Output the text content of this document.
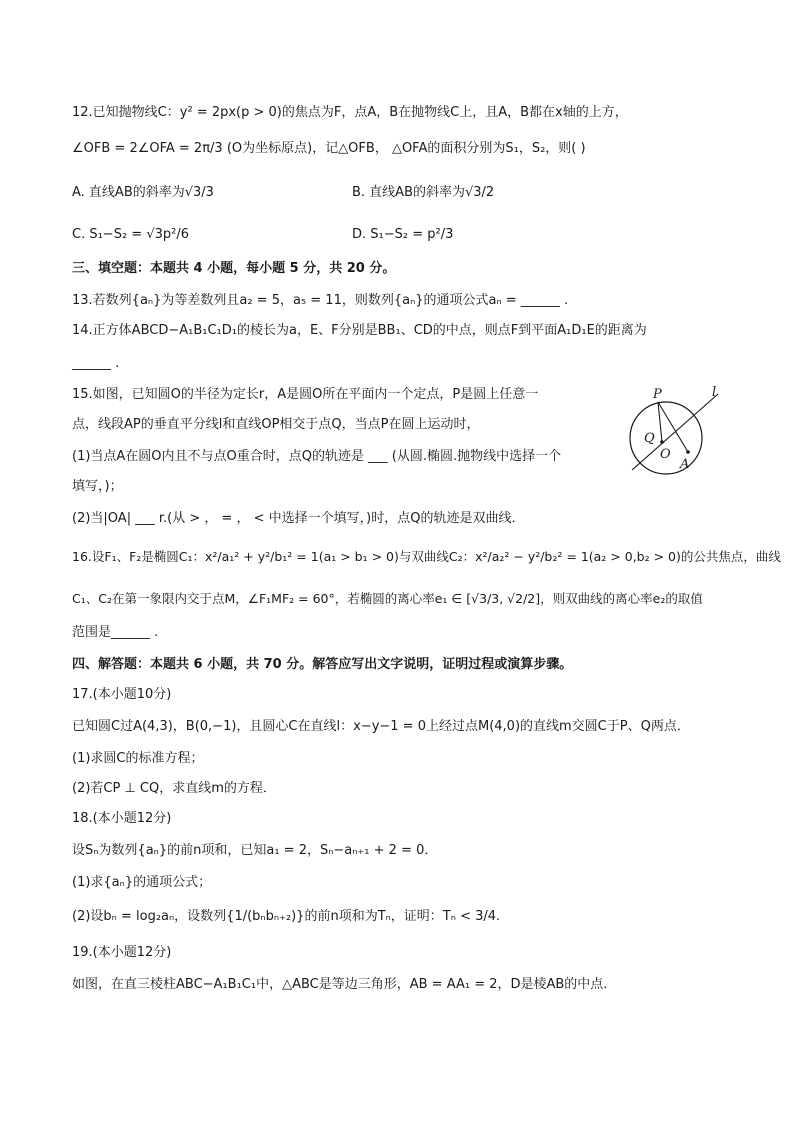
12.已知抛物线C：y² = 2px(p > 0)的焦点为F，点A，B在抛物线C上，且A，B都在x轴的上方，
∠OFB = 2∠OFA = 2π/3 (O为坐标原点)，记△OFB， △OFA的面积分别为S₁，S₂，则( )
A. 直线AB的斜率为√3/3	B. 直线AB的斜率为√3/2
C. S₁−S₂ = √3p²/6	D. S₁−S₂ = p²/3
三、填空题：本题共 4 小题，每小题 5 分，共 20 分。
13.若数列{aₙ}为等差数列且a₂ = 5，a₅ = 11，则数列{aₙ}的通项公式aₙ = ______ .
14.正方体ABCD−A₁B₁C₁D₁的棱长为a，E、F分别是BB₁、CD的中点，则点F到平面A₁D₁E的距离为
______ .
15.如图，已知圆O的半径为定长r，A是圆O所在平面内一个定点，P是圆上任意一
点，线段AP的垂直平分线l和直线OP相交于点Q，当点P在圆上运动时，
(1)当点A在圆O内且不与点O重合时，点Q的轨迹是 ___ (从圆.椭圆.抛物线中选择一个
填写，)；
(2)当|OA| ___ r.(从 > ， = ， < 中选择一个填写，)时，点Q的轨迹是双曲线．
P	l
Q
O
A
16.设F₁、F₂是椭圆C₁：x²/a₁² + y²/b₁² = 1(a₁ > b₁ > 0)与双曲线C₂：x²/a₂² − y²/b₂² = 1(a₂ > 0,b₂ > 0)的公共焦点，曲线
C₁、C₂在第一象限内交于点M，∠F₁MF₂ = 60°，若椭圆的离心率e₁ ∈ [√3/3, √2/2]，则双曲线的离心率e₂的取值
范围是______ .
四、解答题：本题共 6 小题，共 70 分。解答应写出文字说明，证明过程或演算步骤。
17.(本小题10分)
已知圆C过A(4,3)，B(0,−1)，且圆心C在直线l：x−y−1 = 0上经过点M(4,0)的直线m交圆C于P、Q两点．
(1)求圆C的标准方程；
(2)若CP ⊥ CQ，求直线m的方程．
18.(本小题12分)
设Sₙ为数列{aₙ}的前n项和，已知a₁ = 2，Sₙ−aₙ₊₁ + 2 = 0．
(1)求{aₙ}的通项公式；
(2)设bₙ = log₂aₙ，设数列{1/(bₙbₙ₊₂)}的前n项和为Tₙ，证明：Tₙ < 3/4.
19.(本小题12分)
如图，在直三棱柱ABC−A₁B₁C₁中，△ABC是等边三角形，AB = AA₁ = 2，D是棱AB的中点．
